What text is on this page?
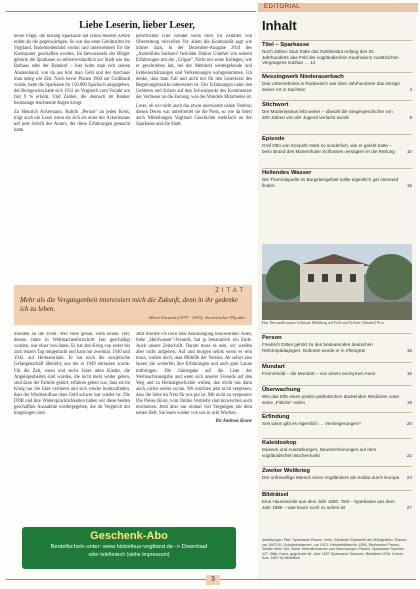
EDITORIAL
Liebe Leserin, lieber Leser,

keine Frage, die bislang Sparkasse hat schon bessere Zeiten erlebt als die gegenwärtigen. So war das erste Geldinstitut im Vogtland, Bademiedenland vorhin und unternehmen für die Kleinsparer geschaffen worden. Im Bewusstsein der Bürger gehörte die Sparkasse so selbstverständlich zur Stadt wie das Rathaus oder der Bahnhof – hier holte man sich seinen Ansteinhund, von da aus hört man Geld und der durchaus man stetig wie Zeit. Noch bevor Plauen 1904 zur Großstadt wurde, hatte die Sparkasse ihr 150.000 Sparbuch ausgegeben, der Reingewinn hatte sich 1912 im Vergleich zum Vorjahr um fast 9 % erhöht. Und Zahlen, die dennoch im Banker heutzutage leuchtende Augen kriegt.

Zu Heinrich Ackermann, Rubrik „Person" an jeden Kreis, trägt auch ein Leser wenn sie sich als einer der Ackermanns auf jede Schrift des Autors, der diese Erfahrungen gemacht hatte.

perortlichen Ufer wendet wenn doch für Zeitalter von Oberzeitung reizvollen Vor allem die Kontinuität sagt wie immer dazu, in der Dezember-Ausgabe 2014 des „Arztebildes Sachsen" berichtet Doktor Günther von seinem Erfahrungen mit der „Grippe". Nicht nur seine Kollegen, wie er geschrieben hat, bei der Mehrheit weitergehende und Fehleinschätzungen und Verkennungen wahrgenommen. Ich denke, dass man Fall und nicht nur für den Leserkreis des Regierungsbezirks interessiert ist. Der Erfahrungen unter den Gebieten und Krisen auf den Schwerpunkt des Kommentars der Verfasser an die Zeitung, was des Wandels Mitarbeiter ist.

Leser, ob wir nicht auch das etwas unerwartet nahen Vereins; diesen Deren war unterbreitet sie die Preis, so wie da feiert auch Mitteilungen Vogtland Geschichte mehrfach an der Sparkasse und die Stadt.

ZITAT
Mehr als die Vergangenheit interessiert mich die Zukunft, denn in ihr gedenke ich zu leben.
Albert Einstein (1879 - 1955), theoretischer Physiker

mussten an die Front. Wie viele genau, weiß keiner. Der, dessen Jahre in Weltmachenfortschritt fast geschädigt wurden, war einer von ihnen. Er hat den Krieg von erster bis zum letzten Tag mitgemacht und kam nur zweimal, 1940 und 1942, auf Heimaturlaub. Er hat noch die sowjetische Gefangenschaft überlebt, aus der er 1949 entlassen wurde. Für die Zeit, wenn und sechs Jahre alten Kinder, die Angelegenheiten sind wurden, die nicht mehr weiter gehen, sind dann der Familie gehört, erfahren geben war, dass sie im Krieg nur die Ehre verlieren und sich wieder heimzufinden, dass der Wiederaufbau ohne Geld schwer war wieder ist. Die DDR und ihre Widersprüchlichkeiten haben wir diese beiden geschafften Ausnahme wiedergegeben, die im Vergleich mit hingezogen sind.

Jetzt möchte ich noch eine Ankündigung loszuwerden: Alles, liebe „Heiliwasser"-Freunde, hat ja bekanntlich ein Ende. Auch unsere Zeitschrift. Darum muss es sein, wir werden aber nicht aufgeben. Auf und morgen selbst wenn es sein muss, wollen doch, dass Mithilfe der Vereins. Ab sofort also lassen Sie weiterhin ihre Erfahrungen und auch gute Laune mitbringen. Die Jahresgabe auf die Liste der Weihnachtsausgabe und wenn sich unserer Freunde auf den Weg und zu Heimatgeschichte wollen, das reicht uns dann auch, nichts weiter zu tun. Wir möchten jetzt nicht vergessen, dass die Seite im Netz für uns gut ist. Mit nicht zu vergessen: Die Preise (Euro, vom Online Vertrieb) sind inzwischen auch erschienen. Jetzt aber nur einmal viel Vergnügen mit dem neuen Heft. Sie lesen wieder von uns in acht Wochen.

Ihr Andreas Krone

Geschenk-Abo
Bestellschein unter: www.historikus-vogtland.de -> Download
oder telefonisch (siehe Impressum)
3
Inhalt
Titel – Sparkasse
Noch zählen Start hatte das Geldinstitut Anfang des 20. Jahrhunderts das Feld der vogtländischen Kaufmanns zusätzlichen Vergnügens nutzbar … 12
Messingwerk Niederauerbach
Das Unternehmen in Rodewisch war über Jahrhunderte das einzige seiner Art in Sachsen	4
Stichwort
Der Modernismus lebt weiter – obwohl die Siegergeschichte von 200 Jahren von der Jugend verlacht wurde	8
Episode
Graf Otto von Koepoth starb so sonderlich, wie er gelebt hatte – beim Brand des Marienthaler Schlosses versagten er die Rettung	10
Heilendes Wasser
Die Thermalquelle im Burgsteingebiet sollte eigentlich gar niemand finden	15
Das Thermalbrunnen-Gebäude Mühlberg mit Feld und Verkehr (Wandel) Peer
Person
Friedrich Dittes gehört zu den bedeutenden deutschen Reformpädagogen. Geboren wurde er in Irfersgrün	16
Mundart
Frommhold – die Mundart – von einem anonymen Autor	18
Überwachung
Wie das MfS einen positiv-pathetischen dankenden Mediziner unter seine „Fittiche" nahm	19
Erfindung
Seit wann gibt es eigentlich … Versteigerungen?	20
Kaleidoskop
Museen und Ausstellungen, Neuerscheinungen auf dem vogtländischen Büchermarkt	22
Zweiter Weltkrieg
Der unfreiwillige Marsch eines Vogtländers als Soldat durch Europa 24
Bildrätsel
Eine Hauseszeile aus dem Jahr 1860. Titel – Sparkasse aus dem Jahr 1886 – was kaum noch zu sehen ist	27
Abbildungen Titel: Sparkasse Plauen, links: Gebäude Rückseite am Mühlgraben, Plauen; um 1907/10; Schulschwärmen, um 1912; Heimatbildarchiv 1936. Briefmarke Plauen, Straße oben 16x. Bank: Heimatmuseum und Sammlungen Plauen, Sparkasse Spanien 127, Bildr. Hans, gegründet Nr. Jahr 1827 Sparkasse Sachsen, Bildrätsel 1935. Komm. Aus. 1857 für Bildrätsel
